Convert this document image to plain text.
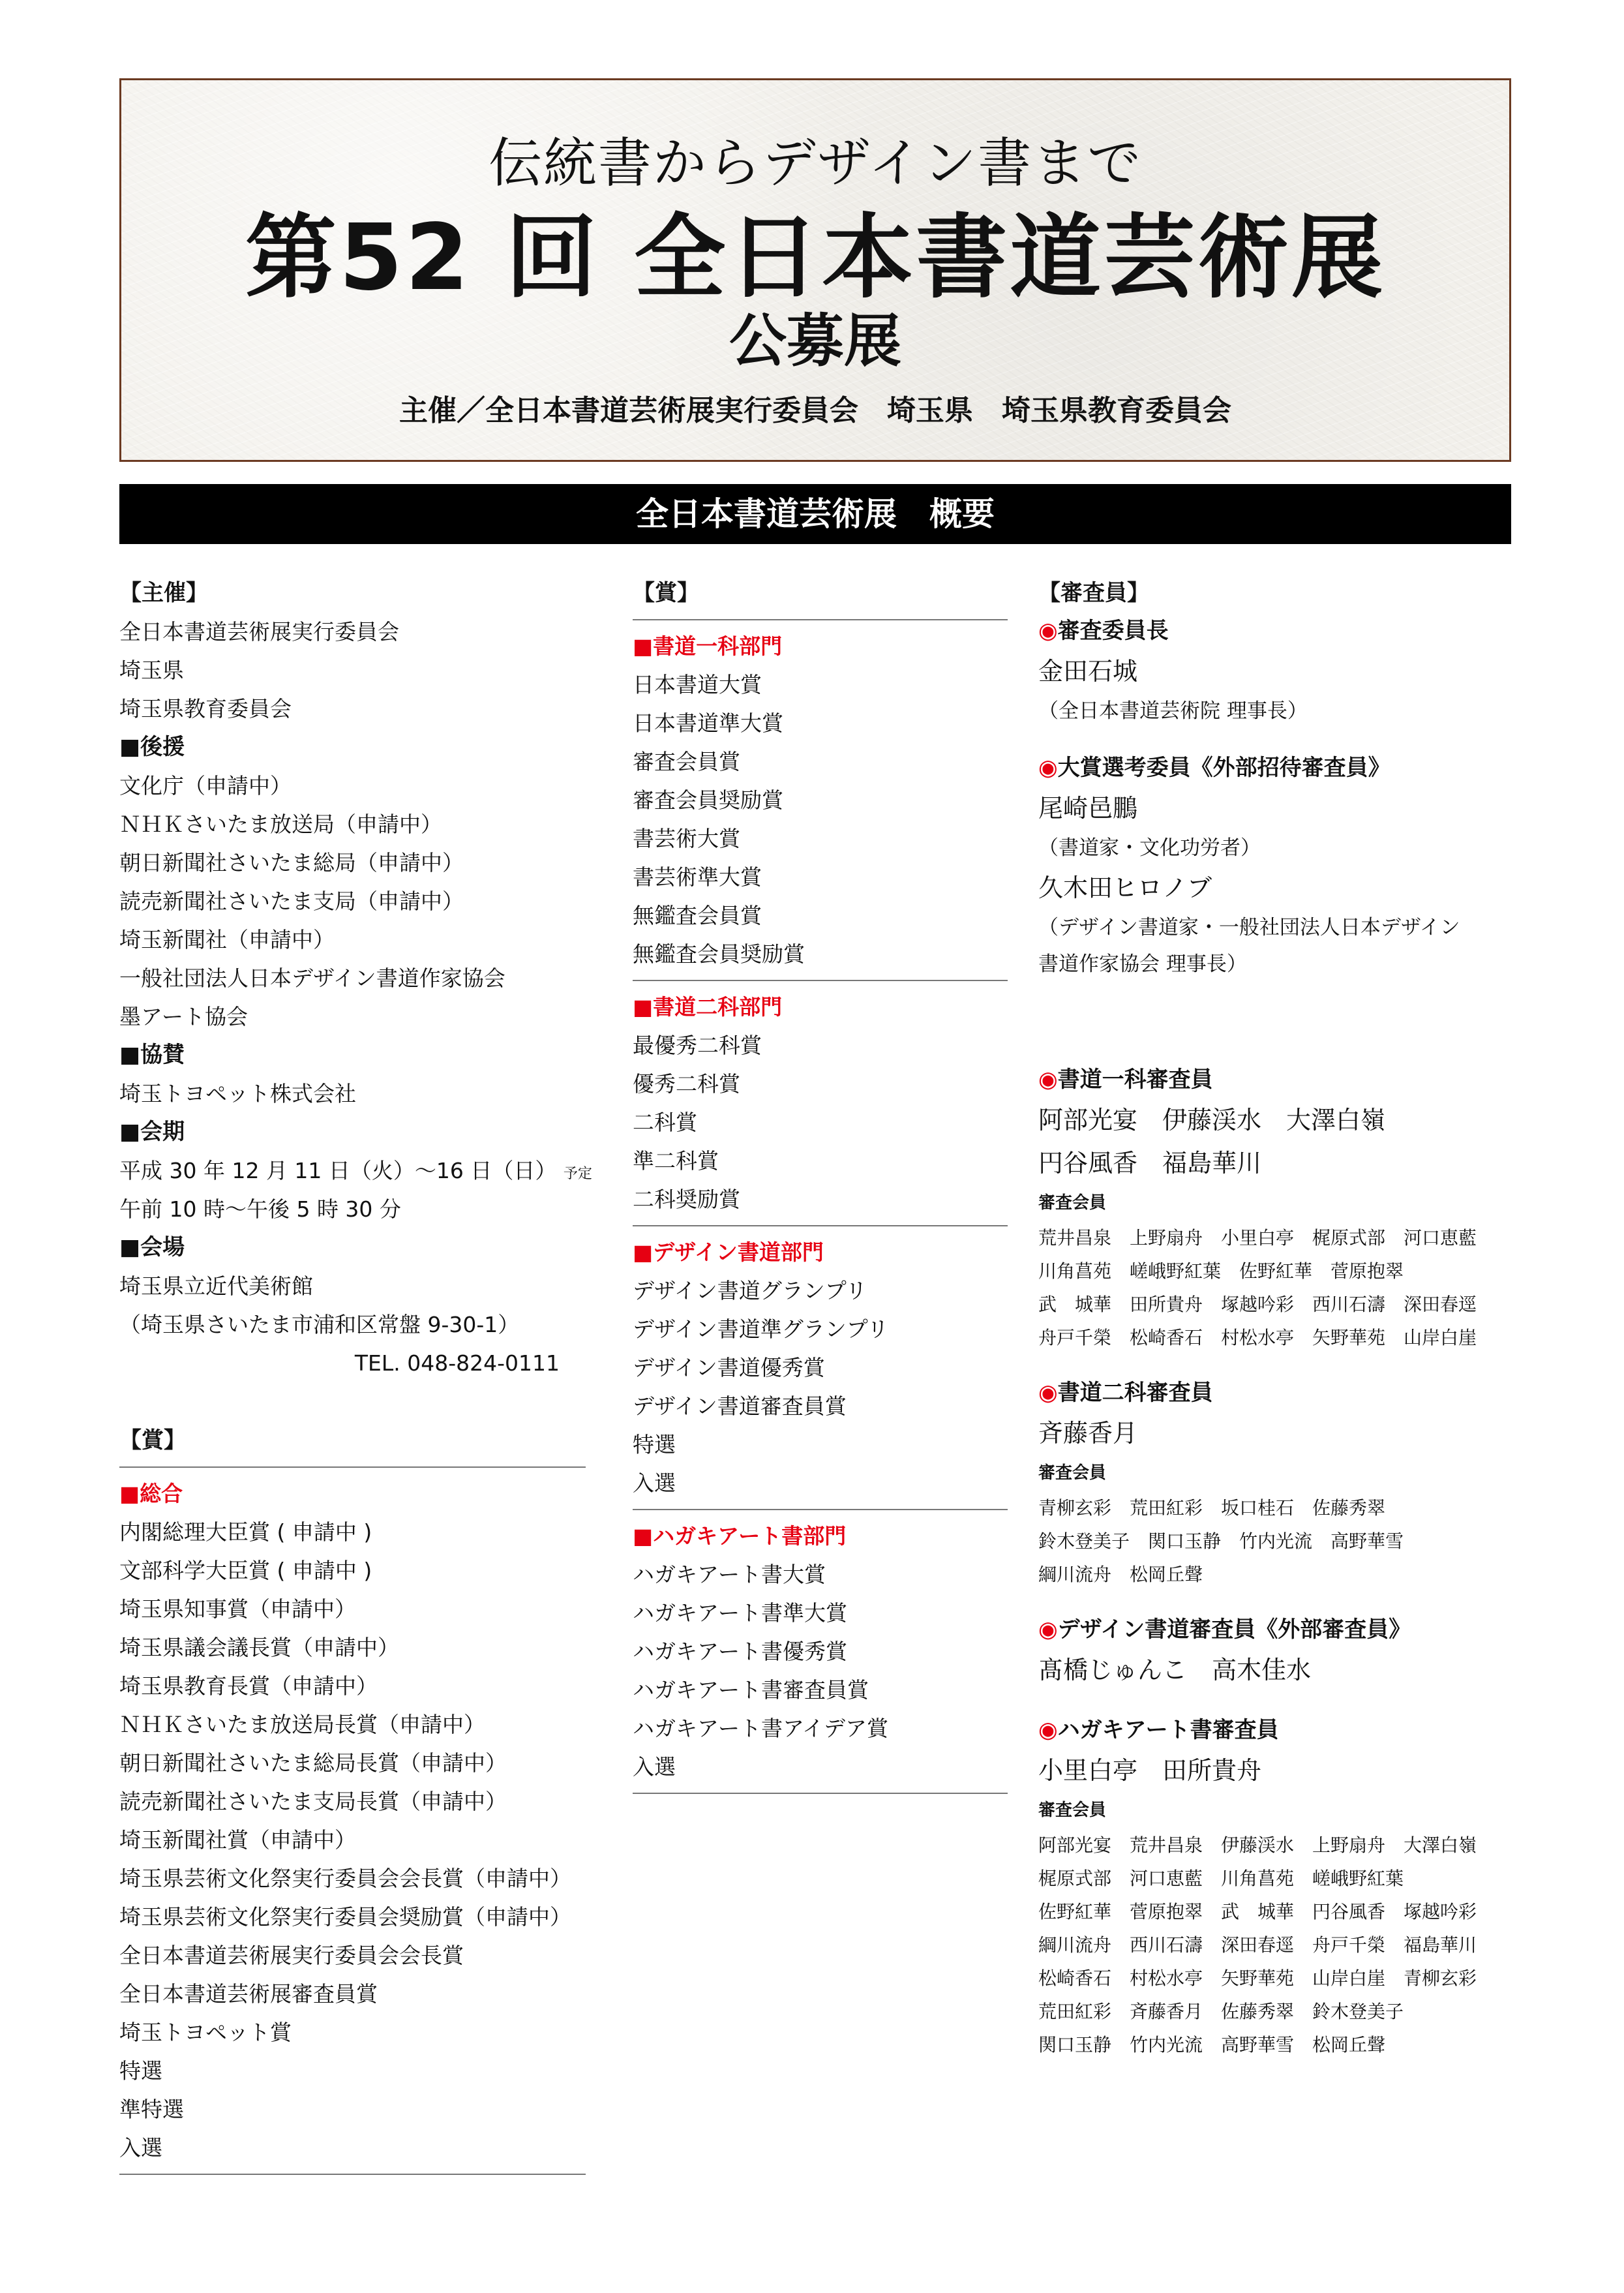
伝統書からデザイン書まで
第52 回 全日本書道芸術展
公募展
主催／全日本書道芸術展実行委員会　埼玉県　埼玉県教育委員会
全日本書道芸術展　概要
【主催】
全日本書道芸術展実行委員会
埼玉県
埼玉県教育委員会
■後援
文化庁（申請中）
ＮＨＫさいたま放送局（申請中）
朝日新聞社さいたま総局（申請中）
読売新聞社さいたま支局（申請中）
埼玉新聞社（申請中）
一般社団法人日本デザイン書道作家協会
墨アート協会
■協賛
埼玉トヨペット株式会社
■会期
平成 30 年 12 月 11 日（火）〜16 日（日） 予定
午前 10 時〜午後 5 時 30 分
■会場
埼玉県立近代美術館
（埼玉県さいたま市浦和区常盤 9-30-1）
TEL. 048-824-0111
【賞】
■総合
内閣総理大臣賞 ( 申請中 )
文部科学大臣賞 ( 申請中 )
埼玉県知事賞（申請中）
埼玉県議会議長賞（申請中）
埼玉県教育長賞（申請中）
ＮＨＫさいたま放送局長賞（申請中）
朝日新聞社さいたま総局長賞（申請中）
読売新聞社さいたま支局長賞（申請中）
埼玉新聞社賞（申請中）
埼玉県芸術文化祭実行委員会会長賞（申請中）
埼玉県芸術文化祭実行委員会奨励賞（申請中）
全日本書道芸術展実行委員会会長賞
全日本書道芸術展審査員賞
埼玉トヨペット賞
特選
準特選
入選
【賞】
■書道一科部門
日本書道大賞
日本書道準大賞
審査会員賞
審査会員奨励賞
書芸術大賞
書芸術準大賞
無鑑査会員賞
無鑑査会員奨励賞
■書道二科部門
最優秀二科賞
優秀二科賞
二科賞
準二科賞
二科奨励賞
■デザイン書道部門
デザイン書道グランプリ
デザイン書道準グランプリ
デザイン書道優秀賞
デザイン書道審査員賞
特選
入選
■ハガキアート書部門
ハガキアート書大賞
ハガキアート書準大賞
ハガキアート書優秀賞
ハガキアート書審査員賞
ハガキアート書アイデア賞
入選
【審査員】
◉審査委員長
金田石城
（全日本書道芸術院 理事長）
◉大賞選考委員《外部招待審査員》
尾崎邑鵬
（書道家・文化功労者）
久木田ヒロノブ
（デザイン書道家・一般社団法人日本デザイン
書道作家協会 理事長）
◉書道一科審査員
阿部光宴　伊藤渓水　大澤白嶺
円谷風香　福島華川
審査会員
荒井昌泉　上野扇舟　小里白亭　梶原式部　河口恵藍
川角菖苑　嵯峨野紅葉　佐野紅華　菅原抱翠
武　城華　田所貴舟　塚越吟彩　西川石濤　深田春逕
舟戸千榮　松崎香石　村松水亭　矢野華苑　山岸白崖
◉書道二科審査員
斉藤香月
審査会員
青柳玄彩　荒田紅彩　坂口桂石　佐藤秀翠
鈴木登美子　関口玉静　竹内光流　高野華雪
綱川流舟　松岡丘聲
◉デザイン書道審査員《外部審査員》
髙橋じゅんこ　高木佳水
◉ハガキアート書審査員
小里白亭　田所貴舟
審査会員
阿部光宴　荒井昌泉　伊藤渓水　上野扇舟　大澤白嶺
梶原式部　河口恵藍　川角菖苑　嵯峨野紅葉
佐野紅華　菅原抱翠　武　城華　円谷風香　塚越吟彩
綱川流舟　西川石濤　深田春逕　舟戸千榮　福島華川
松崎香石　村松水亭　矢野華苑　山岸白崖　青柳玄彩
荒田紅彩　斉藤香月　佐藤秀翠　鈴木登美子
関口玉静　竹内光流　高野華雪　松岡丘聲
